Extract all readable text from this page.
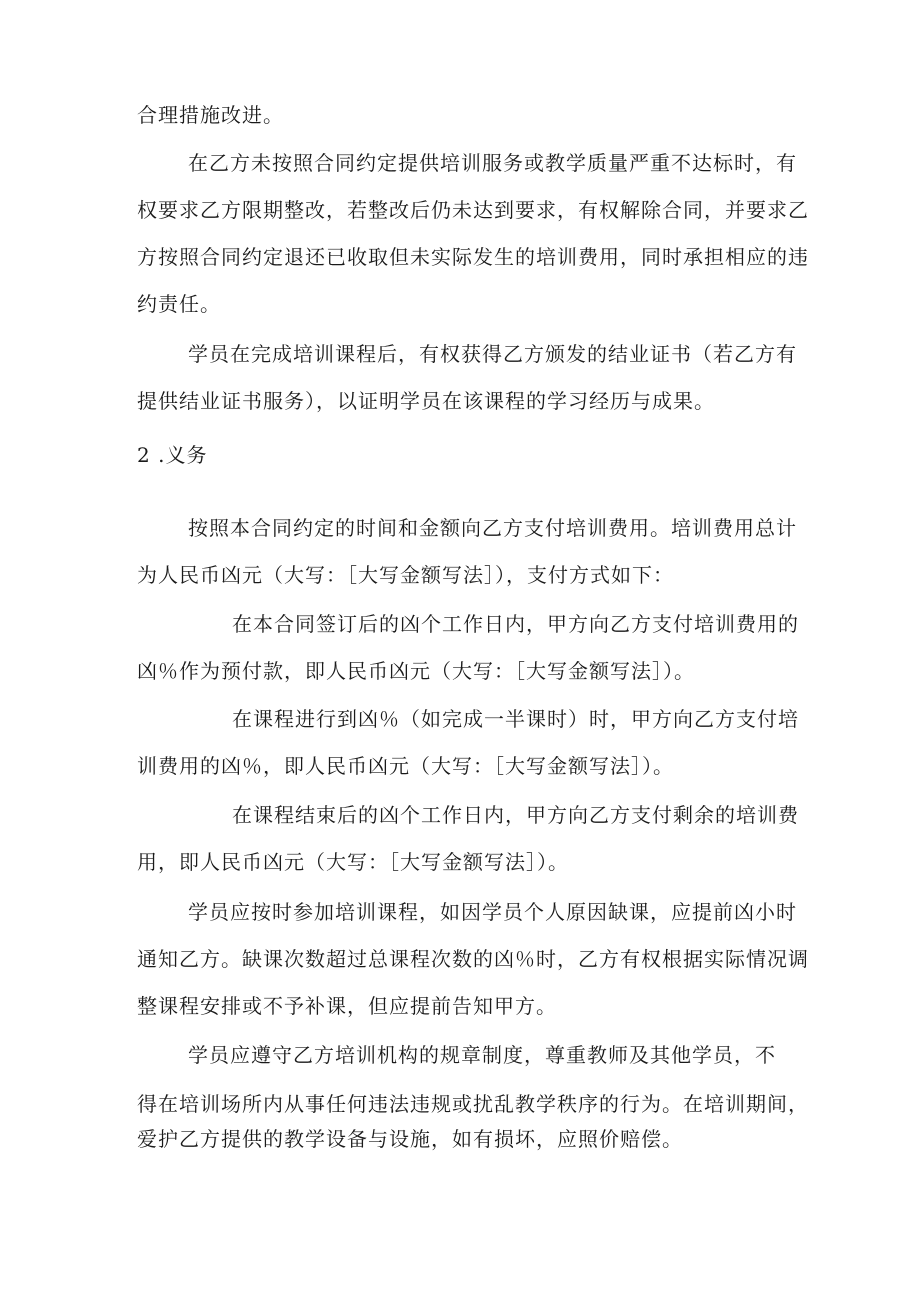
合理措施改进。
在乙方未按照合同约定提供培训服务或教学质量严重不达标时，有
权要求乙方限期整改，若整改后仍未达到要求，有权解除合同，并要求乙
方按照合同约定退还已收取但未实际发生的培训费用，同时承担相应的违
约责任。
学员在完成培训课程后，有权获得乙方颁发的结业证书（若乙方有
提供结业证书服务），以证明学员在该课程的学习经历与成果。
2 .义务
按照本合同约定的时间和金额向乙方支付培训费用。培训费用总计
为人民币凶元（大写：［大写金额写法］），支付方式如下：
在本合同签订后的凶个工作日内，甲方向乙方支付培训费用的
凶％作为预付款，即人民币凶元（大写：［大写金额写法］）。
在课程进行到凶％（如完成一半课时）时，甲方向乙方支付培
训费用的凶％，即人民币凶元（大写：［大写金额写法］）。
在课程结束后的凶个工作日内，甲方向乙方支付剩余的培训费
用，即人民币凶元（大写：［大写金额写法］）。
学员应按时参加培训课程，如因学员个人原因缺课，应提前凶小时
通知乙方。缺课次数超过总课程次数的凶％时，乙方有权根据实际情况调
整课程安排或不予补课，但应提前告知甲方。
学员应遵守乙方培训机构的规章制度，尊重教师及其他学员，不
得在培训场所内从事任何违法违规或扰乱教学秩序的行为。在培训期间，
爱护乙方提供的教学设备与设施，如有损坏，应照价赔偿。
